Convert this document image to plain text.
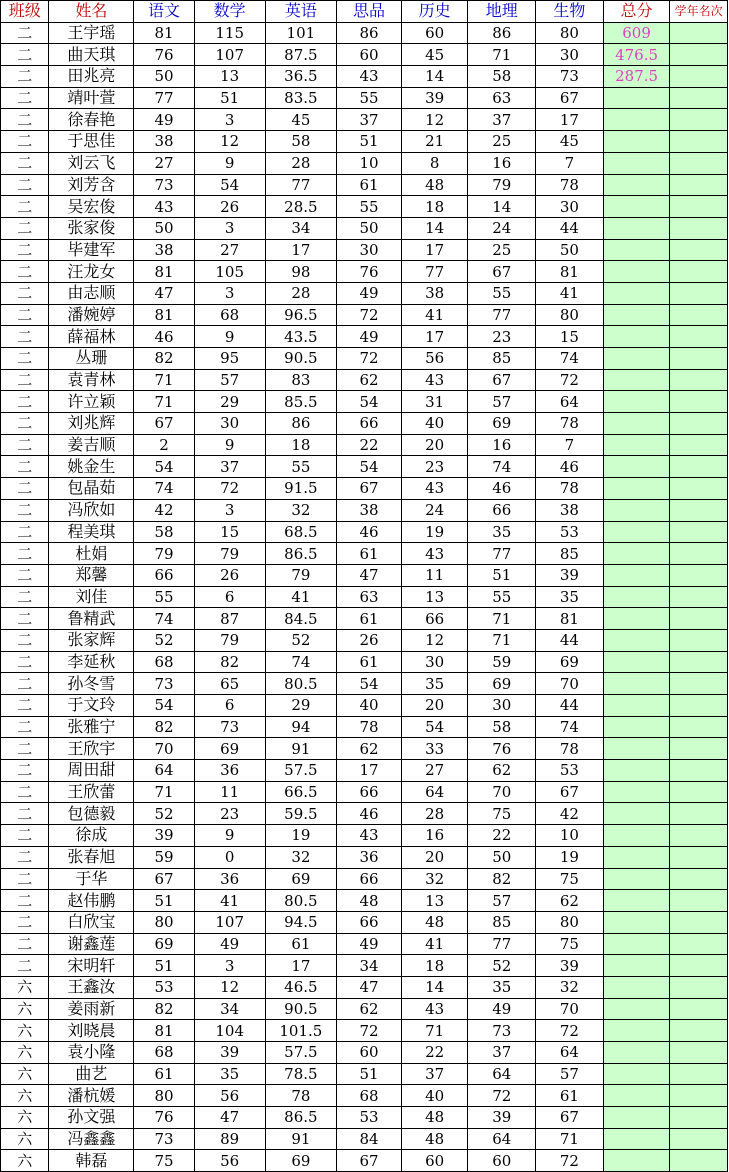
班级	姓名	语文	数学	英语	思品	历史	地理	生物	总分	学年名次
二	王宇瑶	81	115	101	86	60	86	80	609	
二	曲天琪	76	107	87.5	60	45	71	30	476.5	
二	田兆亮	50	13	36.5	43	14	58	73	287.5	
二	靖叶萱	77	51	83.5	55	39	63	67		
二	徐春艳	49	3	45	37	12	37	17		
二	于思佳	38	12	58	51	21	25	45		
二	刘云飞	27	9	28	10	8	16	7		
二	刘芳含	73	54	77	61	48	79	78		
二	吴宏俊	43	26	28.5	55	18	14	30		
二	张家俊	50	3	34	50	14	24	44		
二	毕建军	38	27	17	30	17	25	50		
二	汪龙女	81	105	98	76	77	67	81		
二	由志顺	47	3	28	49	38	55	41		
二	潘婉婷	81	68	96.5	72	41	77	80		
二	薛福林	46	9	43.5	49	17	23	15		
二	丛珊	82	95	90.5	72	56	85	74		
二	袁青林	71	57	83	62	43	67	72		
二	许立颖	71	29	85.5	54	31	57	64		
二	刘兆辉	67	30	86	66	40	69	78		
二	姜吉顺	2	9	18	22	20	16	7		
二	姚金生	54	37	55	54	23	74	46		
二	包晶茹	74	72	91.5	67	43	46	78		
二	冯欣如	42	3	32	38	24	66	38		
二	程美琪	58	15	68.5	46	19	35	53		
二	杜娟	79	79	86.5	61	43	77	85		
二	郑馨	66	26	79	47	11	51	39		
二	刘佳	55	6	41	63	13	55	35		
二	鲁精武	74	87	84.5	61	66	71	81		
二	张家辉	52	79	52	26	12	71	44		
二	李延秋	68	82	74	61	30	59	69		
二	孙冬雪	73	65	80.5	54	35	69	70		
二	于文玲	54	6	29	40	20	30	44		
二	张雅宁	82	73	94	78	54	58	74		
二	王欣宇	70	69	91	62	33	76	78		
二	周田甜	64	36	57.5	17	27	62	53		
二	王欣蕾	71	11	66.5	66	64	70	67		
二	包德毅	52	23	59.5	46	28	75	42		
二	徐成	39	9	19	43	16	22	10		
二	张春旭	59	0	32	36	20	50	19		
二	于华	67	36	69	66	32	82	75		
二	赵伟鹏	51	41	80.5	48	13	57	62		
二	白欣宝	80	107	94.5	66	48	85	80		
二	谢鑫莲	69	49	61	49	41	77	75		
二	宋明轩	51	3	17	34	18	52	39		
六	王鑫汝	53	12	46.5	47	14	35	32		
六	姜雨新	82	34	90.5	62	43	49	70		
六	刘晓晨	81	104	101.5	72	71	73	72		
六	袁小隆	68	39	57.5	60	22	37	64		
六	曲艺	61	35	78.5	51	37	64	57		
六	潘杭媛	80	56	78	68	40	72	61		
六	孙文强	76	47	86.5	53	48	39	67		
六	冯鑫鑫	73	89	91	84	48	64	71		
六	韩磊	75	56	69	67	60	60	72		
